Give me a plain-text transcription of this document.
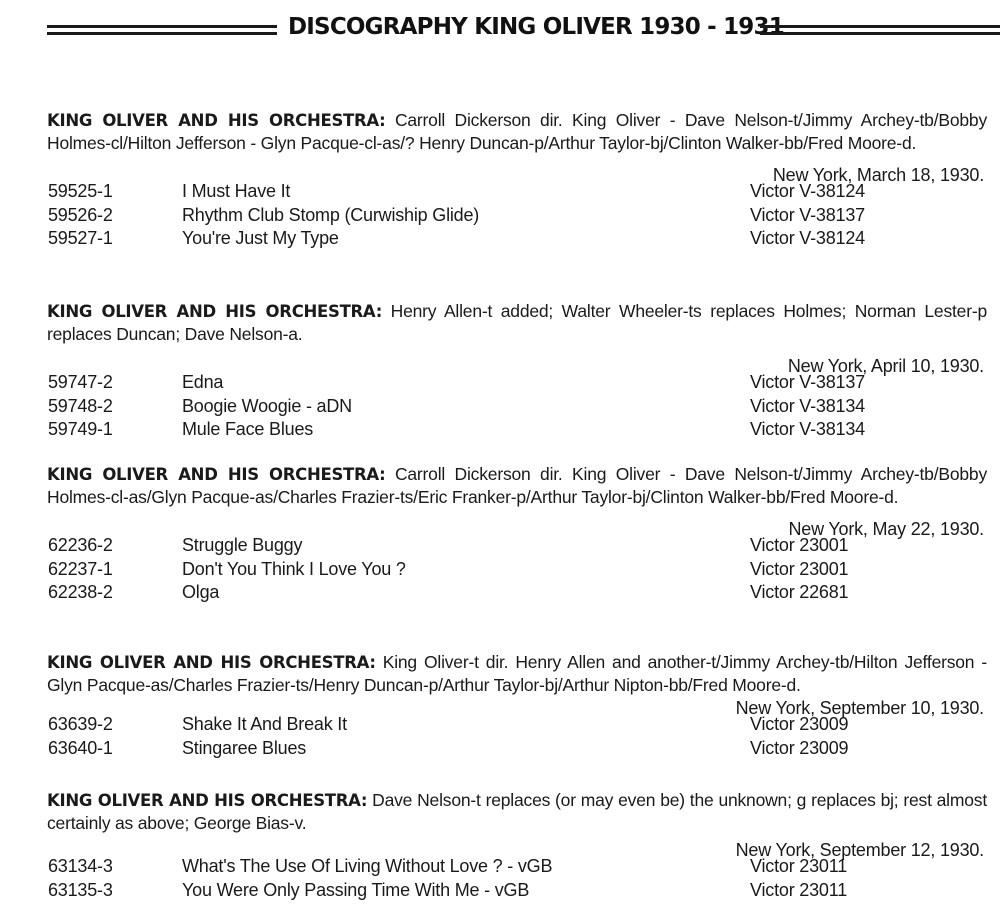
DISCOGRAPHY KING OLIVER 1930 - 1931
KING OLIVER AND HIS ORCHESTRA: Carroll Dickerson dir. King Oliver - Dave Nelson-t/Jimmy Archey-tb/Bobby Holmes-cl/Hilton Jefferson - Glyn Pacque-cl-as/? Henry Duncan-p/Arthur Taylor-bj/Clinton Walker-bb/Fred Moore-d.
New York, March 18, 1930.
59525-1	I Must Have It	Victor V-38124
59526-2	Rhythm Club Stomp (Curwiship Glide)	Victor V-38137
59527-1	You're Just My Type	Victor V-38124
KING OLIVER AND HIS ORCHESTRA: Henry Allen-t added; Walter Wheeler-ts replaces Holmes; Norman Lester-p replaces Duncan; Dave Nelson-a.
New York, April 10, 1930.
59747-2	Edna	Victor V-38137
59748-2	Boogie Woogie - aDN	Victor V-38134
59749-1	Mule Face Blues	Victor V-38134
KING OLIVER AND HIS ORCHESTRA: Carroll Dickerson dir. King Oliver - Dave Nelson-t/Jimmy Archey-tb/Bobby Holmes-cl-as/Glyn Pacque-as/Charles Frazier-ts/Eric Franker-p/Arthur Taylor-bj/Clinton Walker-bb/Fred Moore-d.
New York, May 22, 1930.
62236-2	Struggle Buggy	Victor 23001
62237-1	Don't You Think I Love You ?	Victor 23001
62238-2	Olga	Victor 22681
KING OLIVER AND HIS ORCHESTRA: King Oliver-t dir. Henry Allen and another-t/Jimmy Archey-tb/Hilton Jefferson - Glyn Pacque-as/Charles Frazier-ts/Henry Duncan-p/Arthur Taylor-bj/Arthur Nipton-bb/Fred Moore-d.
New York, September 10, 1930.
63639-2	Shake It And Break It	Victor 23009
63640-1	Stingaree Blues	Victor 23009
KING OLIVER AND HIS ORCHESTRA: Dave Nelson-t replaces (or may even be) the unknown; g replaces bj; rest almost certainly as above; George Bias-v.
New York, September 12, 1930.
63134-3	What's The Use Of Living Without Love ? - vGB	Victor 23011
63135-3	You Were Only Passing Time With Me - vGB	Victor 23011
